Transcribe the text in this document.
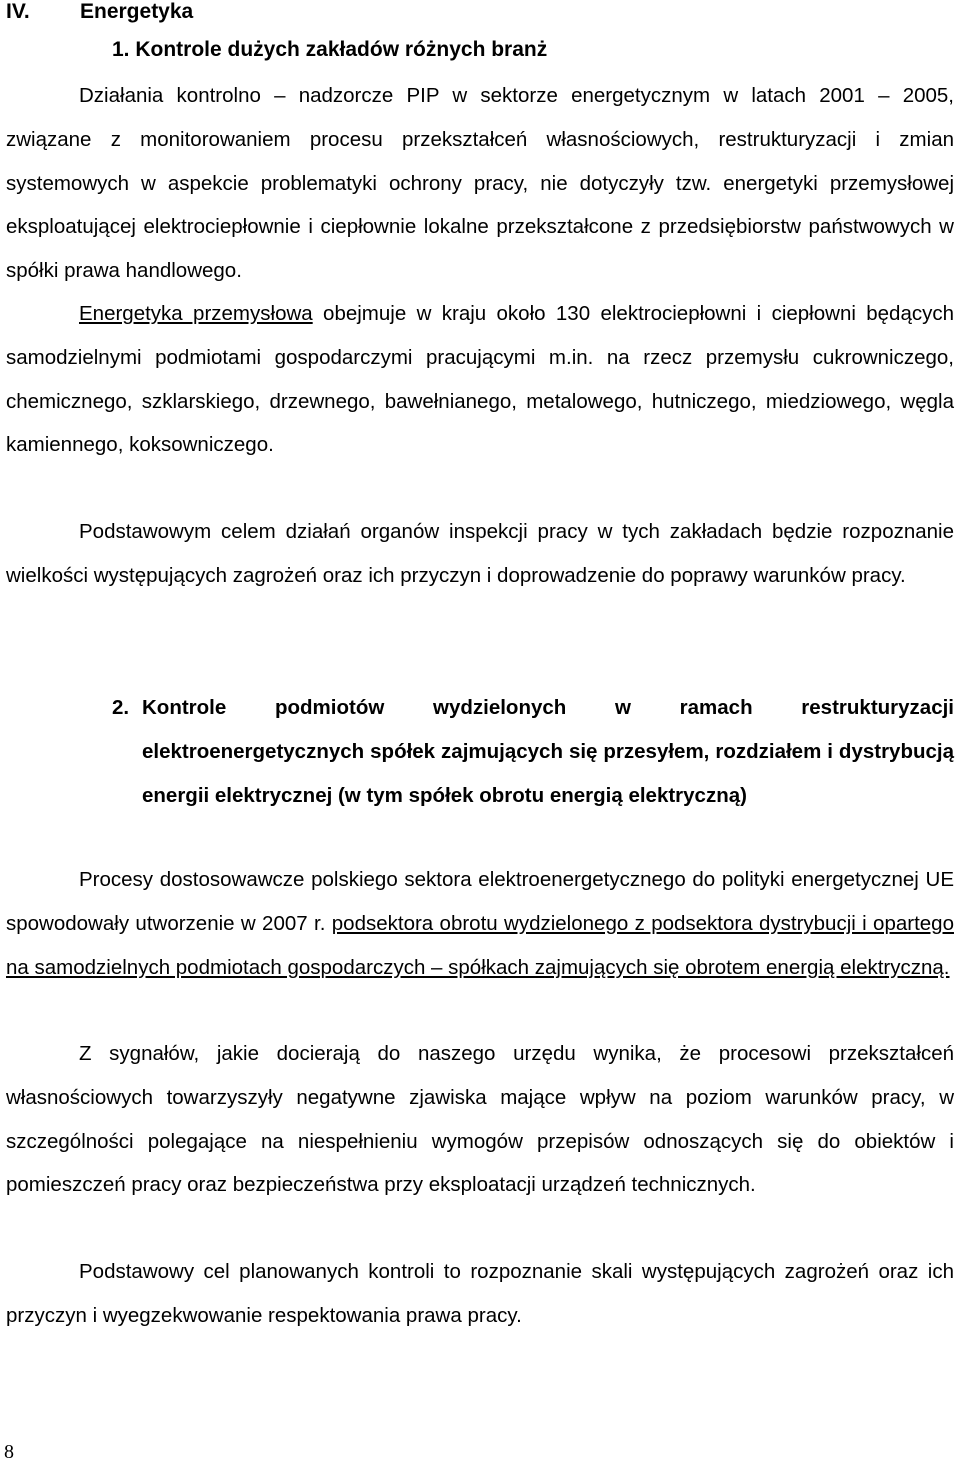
IV. Energetyka
1. Kontrole dużych zakładów różnych branż
Działania kontrolno – nadzorcze PIP w sektorze energetycznym w latach 2001 – 2005, związane z monitorowaniem procesu przekształceń własnościowych, restrukturyzacji i zmian systemowych w aspekcie problematyki ochrony pracy, nie dotyczyły tzw. energetyki przemysłowej eksploatującej elektrociepłownie i ciepłownie lokalne przekształcone z przedsiębiorstw państwowych w spółki prawa handlowego.
Energetyka przemysłowa obejmuje w kraju około 130 elektrociepłowni i ciepłowni będących samodzielnymi podmiotami gospodarczymi pracującymi m.in. na rzecz przemysłu cukrowniczego, chemicznego, szklarskiego, drzewnego, bawełnianego, metalowego, hutniczego, miedziowego, węgla kamiennego, koksowniczego.
Podstawowym celem działań organów inspekcji pracy w tych zakładach będzie rozpoznanie wielkości występujących zagrożeń oraz ich przyczyn i doprowadzenie do poprawy warunków pracy.
2. Kontrole podmiotów wydzielonych w ramach restrukturyzacji elektroenergetycznych spółek zajmujących się przesyłem, rozdziałem i dystrybucją energii elektrycznej (w tym spółek obrotu energią elektryczną)
Procesy dostosowawcze polskiego sektora elektroenergetycznego do polityki energetycznej UE spowodowały utworzenie w 2007 r. podsektora obrotu wydzielonego z podsektora dystrybucji i opartego na samodzielnych podmiotach gospodarczych – spółkach zajmujących się obrotem energią elektryczną.
Z sygnałów, jakie docierają do naszego urzędu wynika, że procesowi przekształceń własnościowych towarzyszyły negatywne zjawiska mające wpływ na poziom warunków pracy, w szczególności polegające na niespełnieniu wymogów przepisów odnoszących się do obiektów i pomieszczeń pracy oraz bezpieczeństwa przy eksploatacji urządzeń technicznych.
Podstawowy cel planowanych kontroli to rozpoznanie skali występujących zagrożeń oraz ich przyczyn i wyegzekwowanie respektowania prawa pracy.
8
